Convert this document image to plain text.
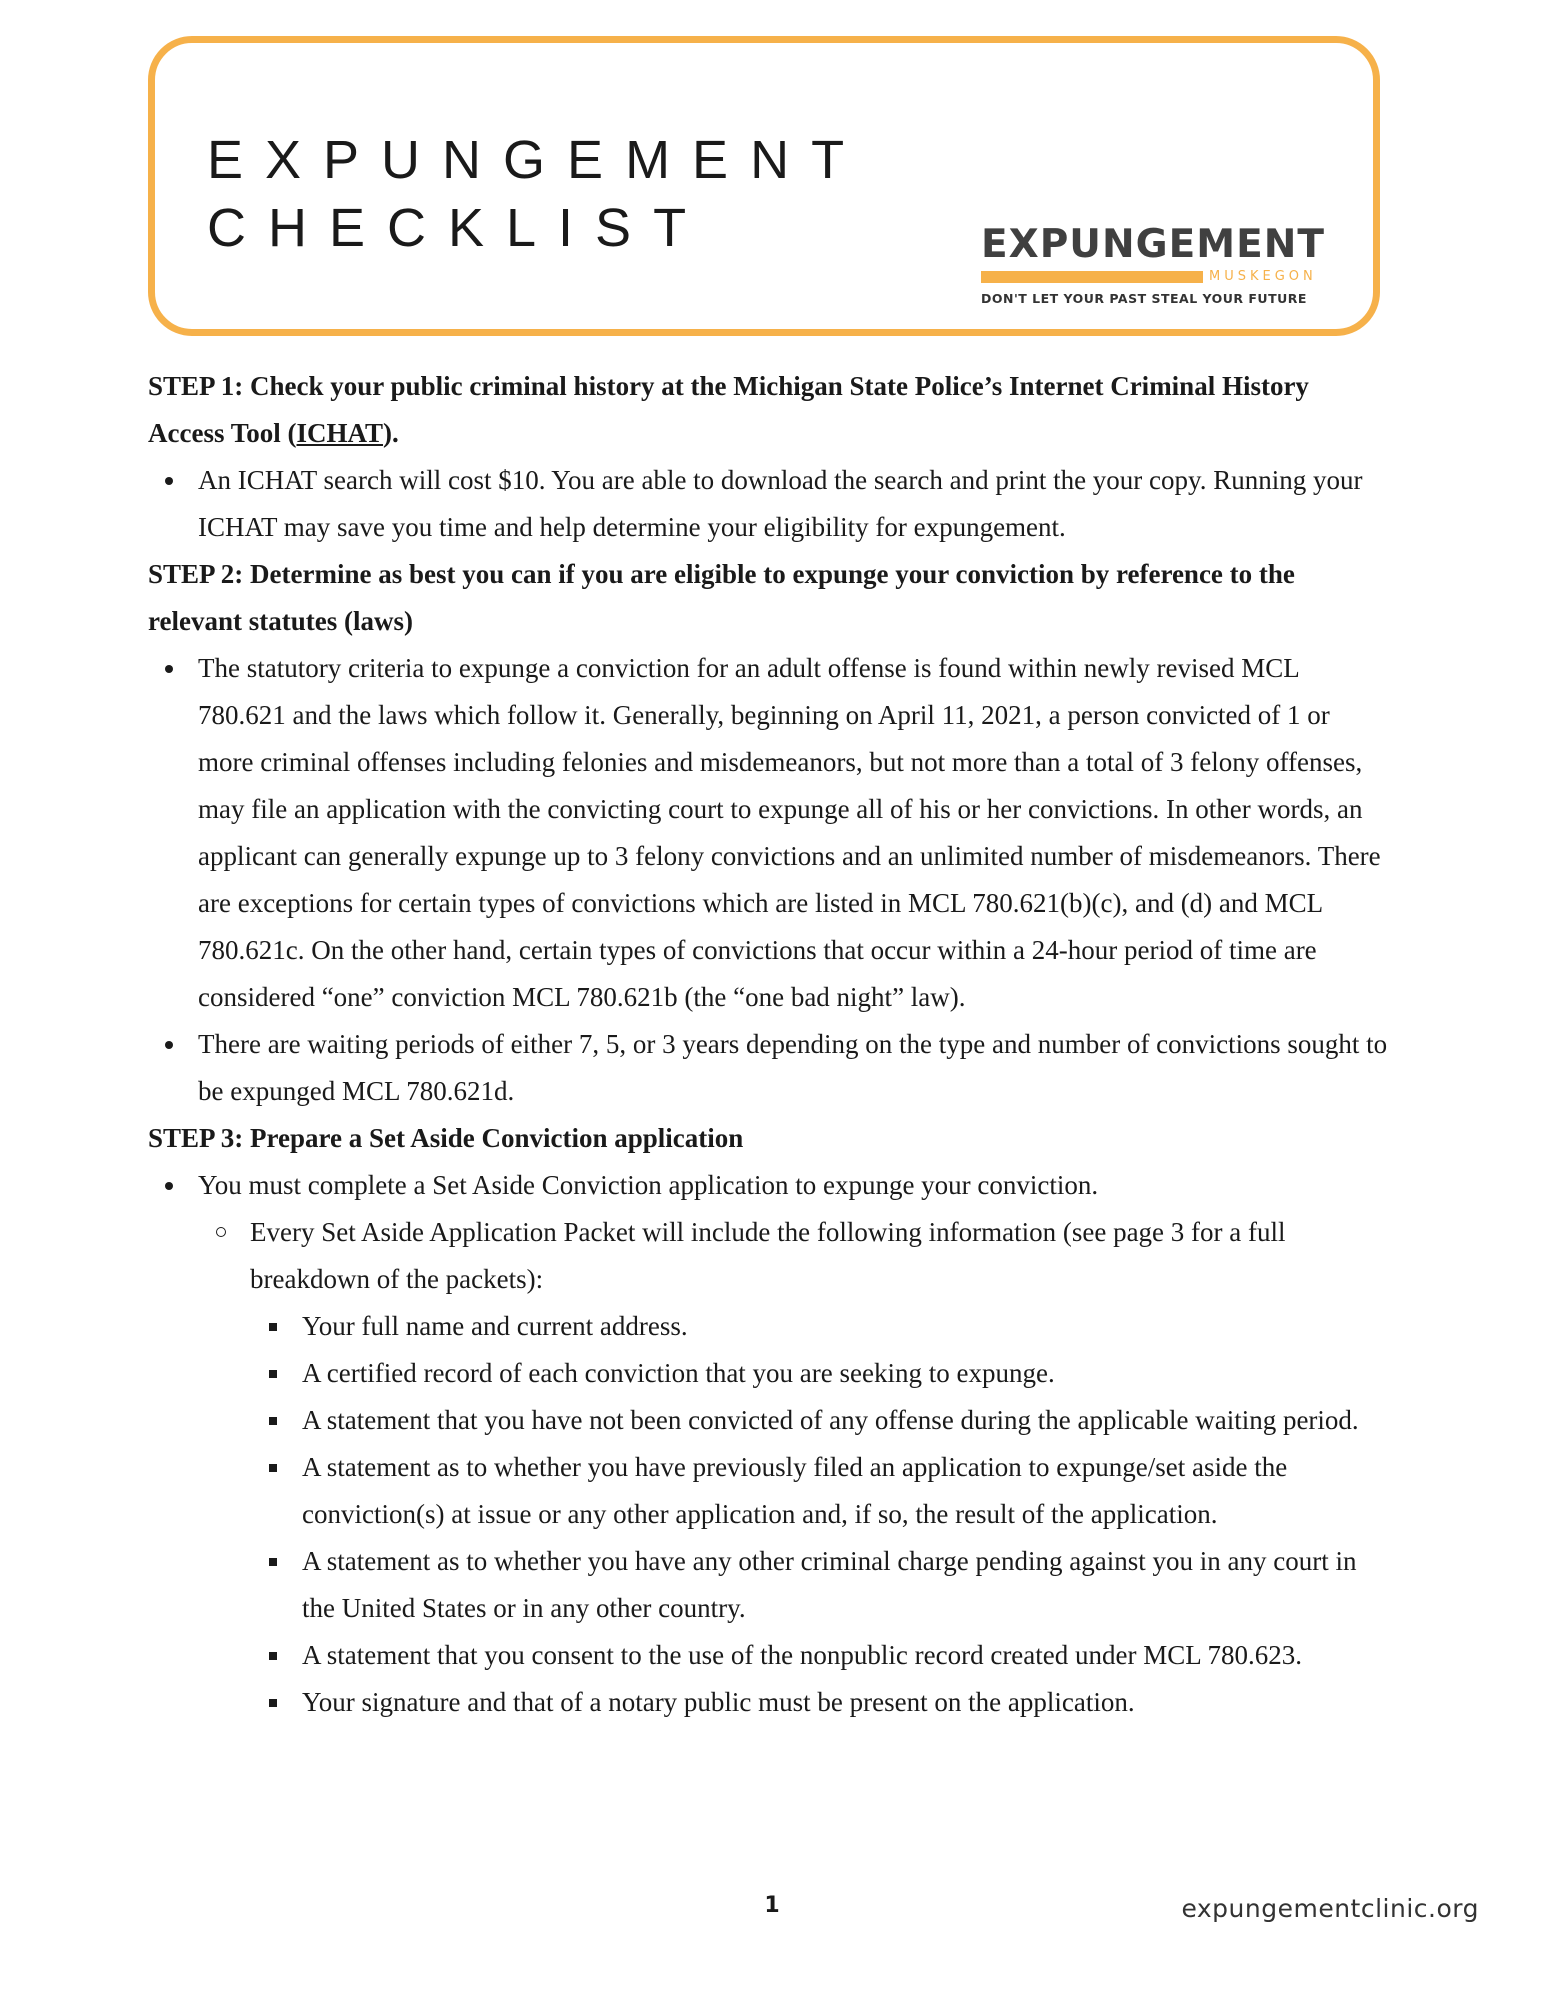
EXPUNGEMENT
CHECKLIST	EXPUNGEMENT
MUSKEGON
DON'T LET YOUR PAST STEAL YOUR FUTURE

STEP 1: Check your public criminal history at the Michigan State Police’s Internet Criminal History Access Tool (ICHAT).

An ICHAT search will cost $10. You are able to download the search and print the your copy. Running your ICHAT may save you time and help determine your eligibility for expungement.

STEP 2: Determine as best you can if you are eligible to expunge your conviction by reference to the relevant statutes (laws)

The statutory criteria to expunge a conviction for an adult offense is found within newly revised MCL 780.621 and the laws which follow it. Generally, beginning on April 11, 2021, a person convicted of 1 or more criminal offenses including felonies and misdemeanors, but not more than a total of 3 felony offenses, may file an application with the convicting court to expunge all of his or her convictions. In other words, an applicant can generally expunge up to 3 felony convictions and an unlimited number of misdemeanors. There are exceptions for certain types of convictions which are listed in MCL 780.621(b)(c), and (d) and MCL 780.621c. On the other hand, certain types of convictions that occur within a 24-hour period of time are considered “one” conviction MCL 780.621b (the “one bad night” law).
There are waiting periods of either 7, 5, or 3 years depending on the type and number of convictions sought to be expunged MCL 780.621d.

STEP 3: Prepare a Set Aside Conviction application

You must complete a Set Aside Conviction application to expunge your conviction.
Every Set Aside Application Packet will include the following information (see page 3 for a full breakdown of the packets):
Your full name and current address.
A certified record of each conviction that you are seeking to expunge.
A statement that you have not been convicted of any offense during the applicable waiting period.
A statement as to whether you have previously filed an application to expunge/set aside the conviction(s) at issue or any other application and, if so, the result of the application.
A statement as to whether you have any other criminal charge pending against you in any court in the United States or in any other country.
A statement that you consent to the use of the nonpublic record created under MCL 780.623.
Your signature and that of a notary public must be present on the application.
1	expungementclinic.org
